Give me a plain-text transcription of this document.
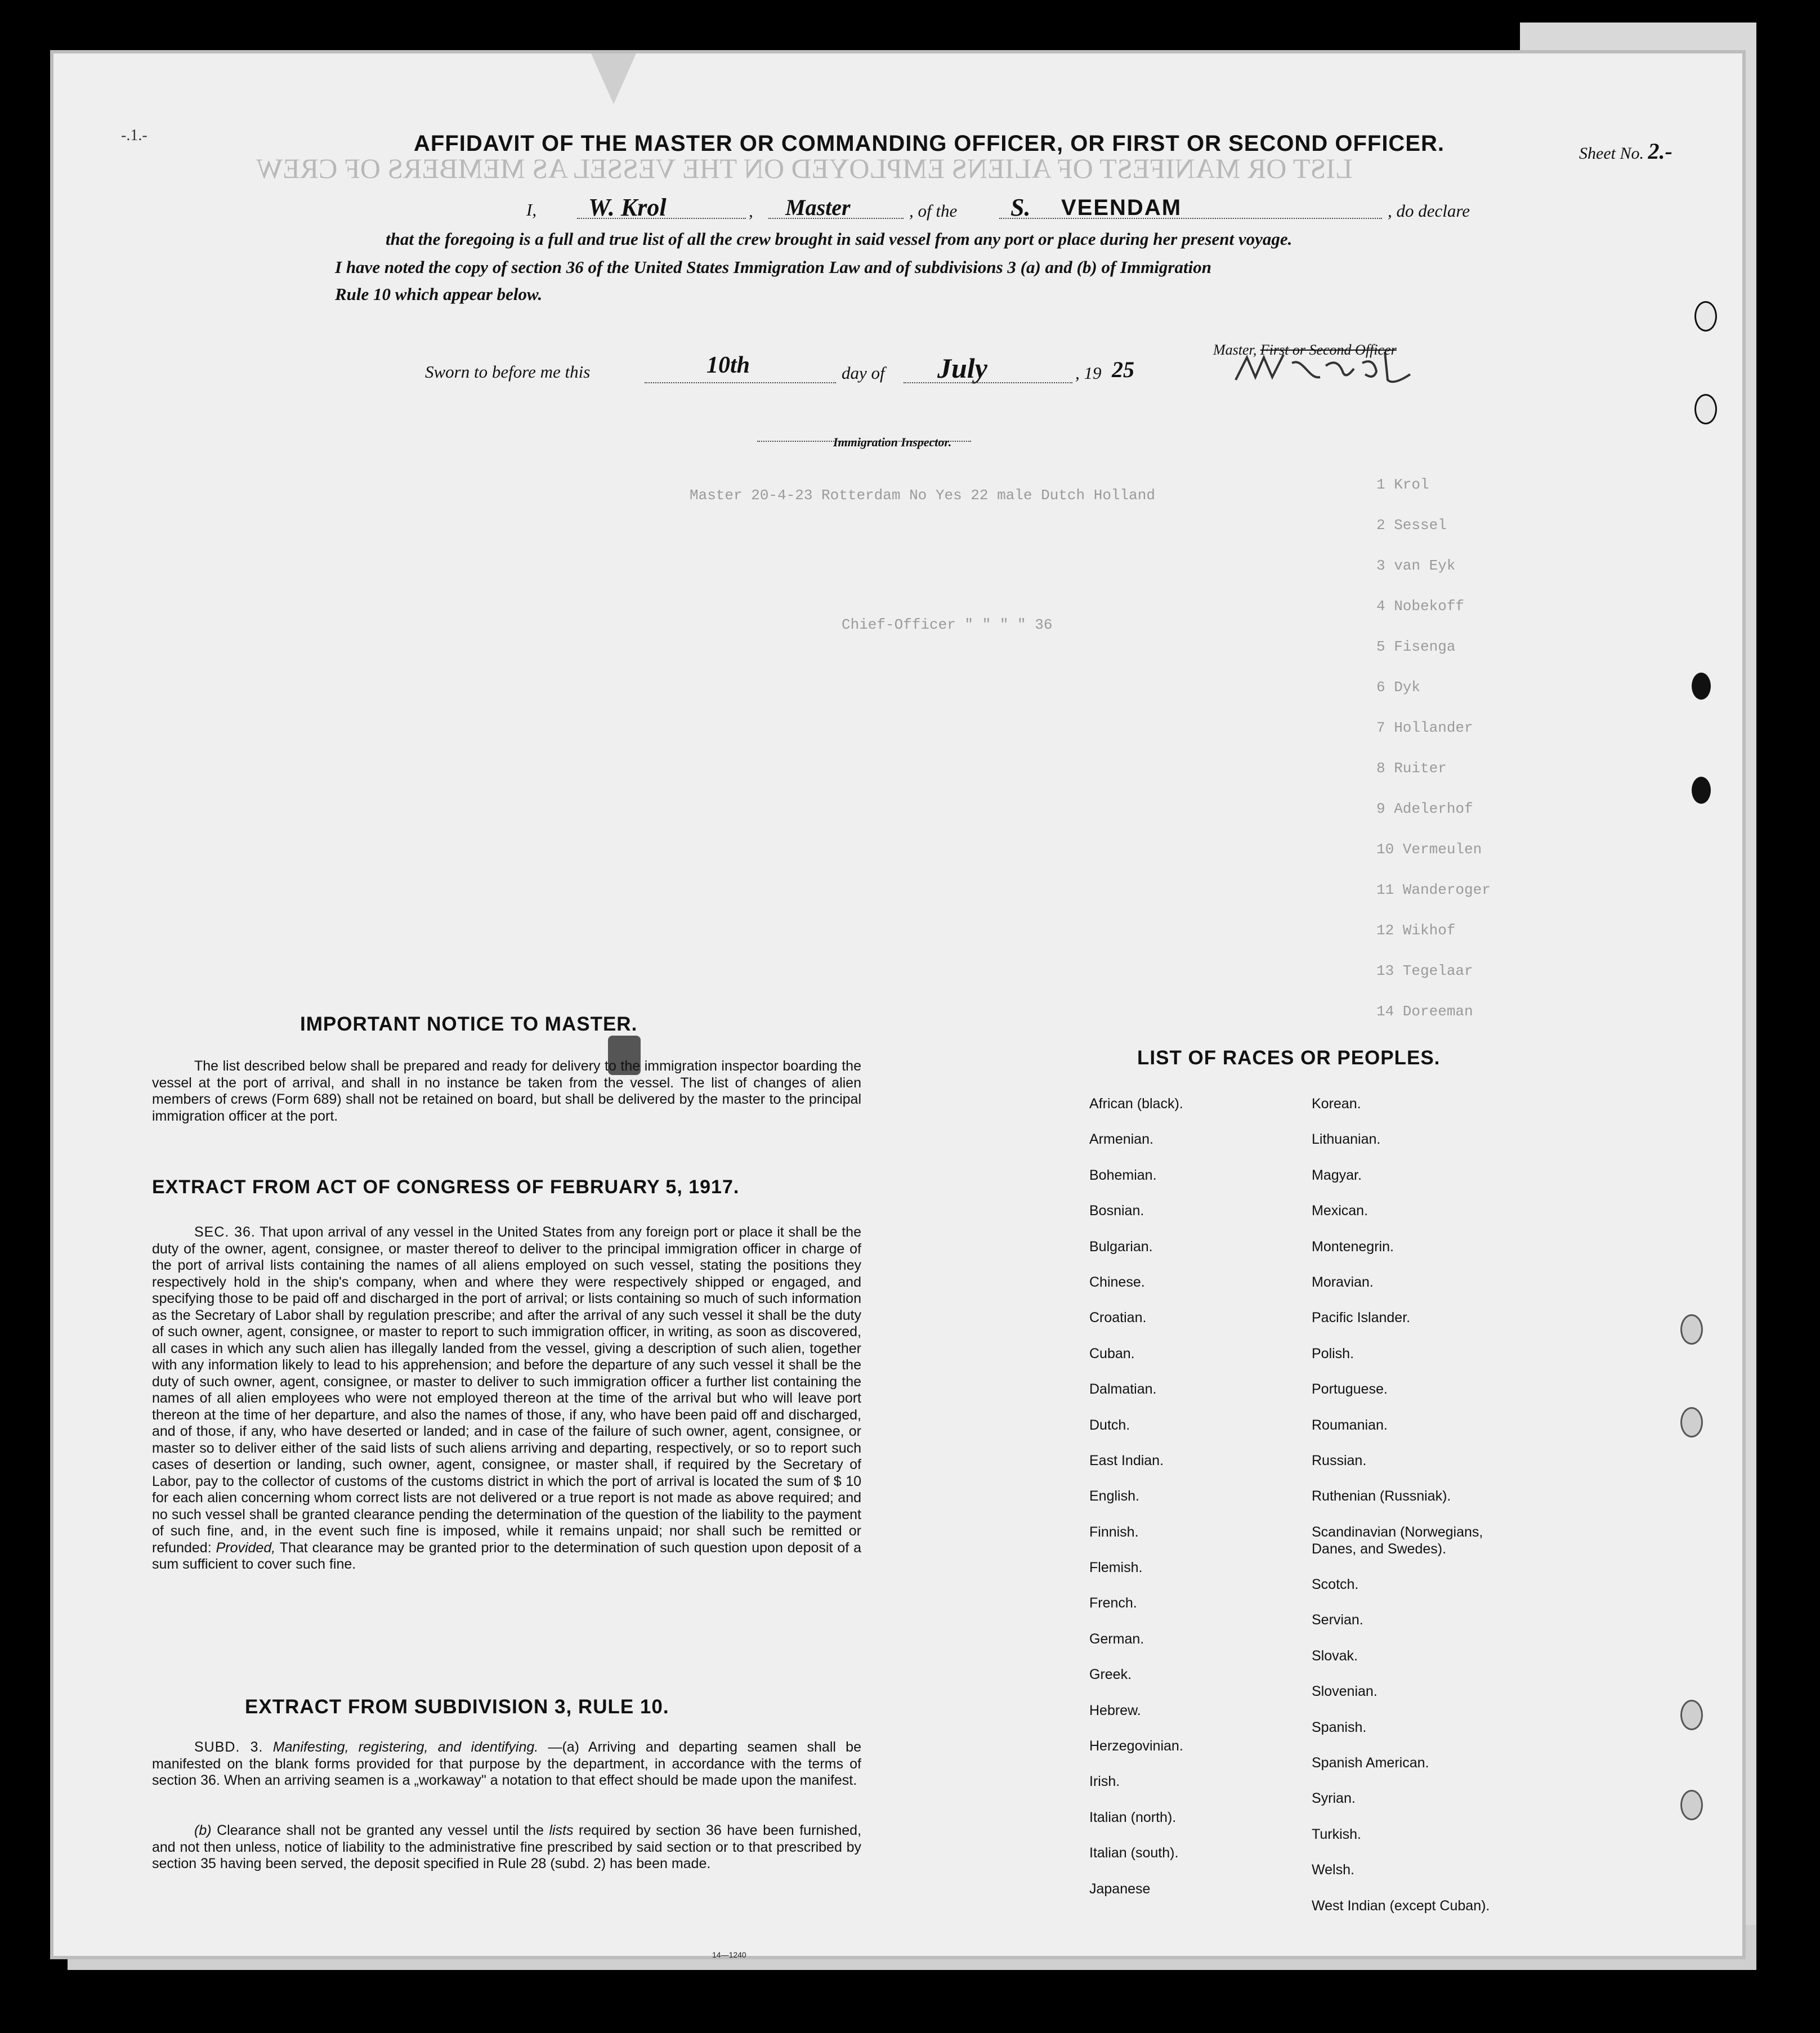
LIST OR MANIFEST OF ALIENS EMPLOYED ON THE VESSEL AS MEMBERS OF CREW
1 Krol
2 Sessel
3 van Eyk
4 Nobekoff
5 Fisenga
6 Dyk
7 Hollander
8 Ruiter
9 Adelerhof
10 Vermeulen
11 Wanderoger
12 Wikhof
13 Tegelaar
14 Doreeman
Master 20-4-23 Rotterdam No Yes 22 male Dutch Holland
Chief-Officer " " " " 36
-.1.-
Sheet No. 2.-
AFFIDAVIT OF THE MASTER OR COMMANDING OFFICER, OR FIRST OR SECOND OFFICER.
I, W. Krol	, Master	, of the S. VEENDAM	, do declare
that the foregoing is a full and true list of all the crew brought in said vessel from any port or place during her present voyage.
I have noted the copy of section 36 of the United States Immigration Law and of subdivisions 3 (a) and (b) of Immigration
Rule 10 which appear below.
Master, First or Second Officer
Sworn to before me this	10th	day of July	, 19 25
Immigration Inspector.
IMPORTANT NOTICE TO MASTER.
The list described below shall be prepared and ready for delivery to the immigration inspector boarding the vessel at the port of arrival, and shall in no instance be taken from the vessel. The list of changes of alien members of crews (Form 689) shall not be retained on board, but shall be delivered by the master to the principal immigration officer at the port.
EXTRACT FROM ACT OF CONGRESS OF FEBRUARY 5, 1917.
SEC. 36. That upon arrival of any vessel in the United States from any foreign port or place it shall be the duty of the owner, agent, consignee, or master thereof to deliver to the principal immigration officer in charge of the port of arrival lists containing the names of all aliens employed on such vessel, stating the positions they respectively hold in the ship's company, when and where they were respectively shipped or engaged, and specifying those to be paid off and discharged in the port of arrival; or lists containing so much of such information as the Secretary of Labor shall by regulation prescribe; and after the arrival of any such vessel it shall be the duty of such owner, agent, consignee, or master to report to such immigration officer, in writing, as soon as discovered, all cases in which any such alien has illegally landed from the vessel, giving a description of such alien, together with any information likely to lead to his apprehension; and before the departure of any such vessel it shall be the duty of such owner, agent, consignee, or master to deliver to such immigration officer a further list containing the names of all alien employees who were not employed thereon at the time of the arrival but who will leave port thereon at the time of her departure, and also the names of those, if any, who have been paid off and discharged, and of those, if any, who have deserted or landed; and in case of the failure of such owner, agent, consignee, or master so to deliver either of the said lists of such aliens arriving and departing, respectively, or so to report such cases of desertion or landing, such owner, agent, consignee, or master shall, if required by the Secretary of Labor, pay to the collector of customs of the customs district in which the port of arrival is located the sum of $ 10 for each alien concerning whom correct lists are not delivered or a true report is not made as above required; and no such vessel shall be granted clearance pending the determination of the question of the liability to the payment of such fine, and, in the event such fine is imposed, while it remains unpaid; nor shall such be remitted or refunded: Provided, That clearance may be granted prior to the determination of such question upon deposit of a sum sufficient to cover such fine.
EXTRACT FROM SUBDIVISION 3, RULE 10.
SUBD. 3. Manifesting, registering, and identifying. —(a) Arriving and departing seamen shall be manifested on the blank forms provided for that purpose by the department, in accordance with the terms of section 36. When an arriving seamen is a „workaway" a notation to that effect should be made upon the manifest.
(b) Clearance shall not be granted any vessel until the lists required by section 36 have been furnished, and not then unless, notice of liability to the administrative fine prescribed by said section or to that prescribed by section 35 having been served, the deposit specified in Rule 28 (subd. 2) has been made.
14—1240
LIST OF RACES OR PEOPLES.
African (black).
Armenian.
Bohemian.
Bosnian.
Bulgarian.
Chinese.
Croatian.
Cuban.
Dalmatian.
Dutch.
East Indian.
English.
Finnish.
Flemish.
French.
German.
Greek.
Hebrew.
Herzegovinian.
Irish.
Italian (north).
Italian (south).
Japanese
Korean.
Lithuanian.
Magyar.
Mexican.
Montenegrin.
Moravian.
Pacific Islander.
Polish.
Portuguese.
Roumanian.
Russian.
Ruthenian (Russniak).
Scandinavian (Norwegians,
Danes, and Swedes).
Scotch.
Servian.
Slovak.
Slovenian.
Spanish.
Spanish American.
Syrian.
Turkish.
Welsh.
West Indian (except Cuban).
